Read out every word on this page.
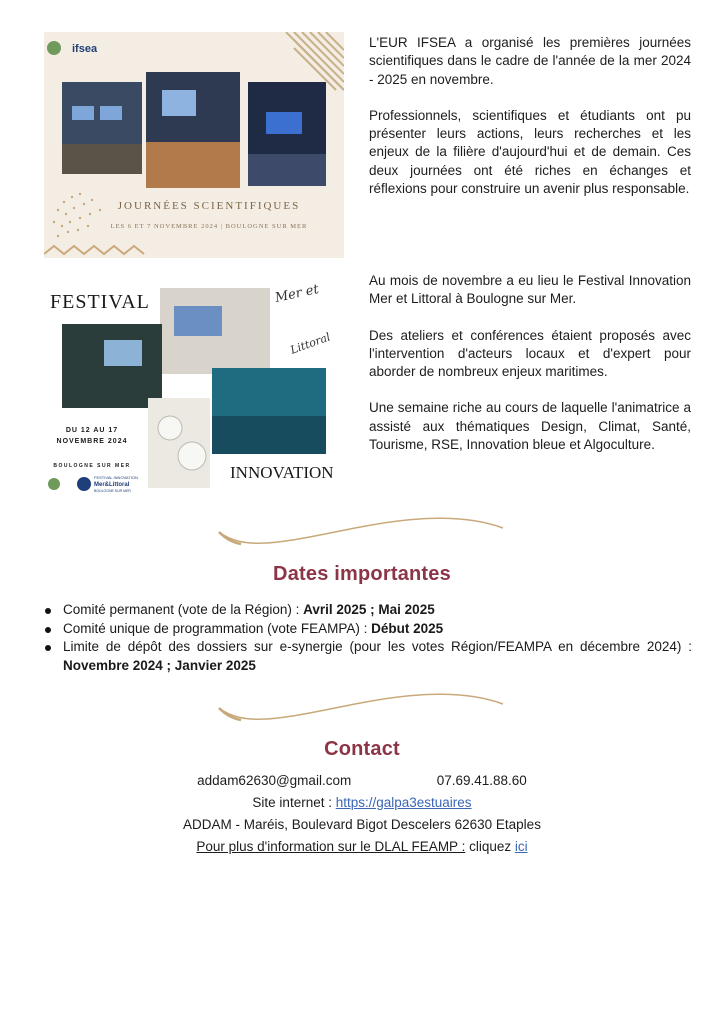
JOURNÉES SCIENTIFIQUES
LES 6 ET 7 NOVEMBRE 2024 | BOULOGNE SUR MER
ifsea	L'EUR IFSEA a organisé les premières journées scientifiques dans le cadre de l'année de la mer 2024 - 2025 en novembre.

Professionnels, scientifiques et étudiants ont pu présenter leurs actions, leurs recherches et les enjeux de la filière d'aujourd'hui et de demain. Ces deux journées ont été riches en échanges et réflexions pour construire un avenir plus responsable.

FESTIVAL	Mer et
Littoral
DU 12 AU 17
NOVEMBRE 2024
BOULOGNE SUR MER
FESTIVAL INNOVATION
Mer&Littoral
BOULOGNE SUR MER
INNOVATION

Au mois de novembre a eu lieu le Festival Innovation Mer et Littoral à Boulogne sur Mer.

Des ateliers et conférences étaient proposés avec l'intervention d'acteurs locaux et d'expert pour aborder de nombreux enjeux maritimes.

Une semaine riche au cours de laquelle l'animatrice a assisté aux thématiques Design, Climat, Santé, Tourisme, RSE, Innovation bleue et Algoculture.

Dates importantes
Comité permanent (vote de la Région) : Avril 2025 ; Mai 2025
Comité unique de programmation (vote FEAMPA) : Début 2025
Limite de dépôt des dossiers sur e-synergie (pour les votes Région/FEAMPA en décembre 2024) : Novembre 2024 ; Janvier 2025
Contact
addam62630@gmail.com	07.69.41.88.60
Site internet : https://galpa3estuaires
ADDAM - Maréis, Boulevard Bigot Descelers 62630 Etaples
Pour plus d'information sur le DLAL FEAMP : cliquez ici
